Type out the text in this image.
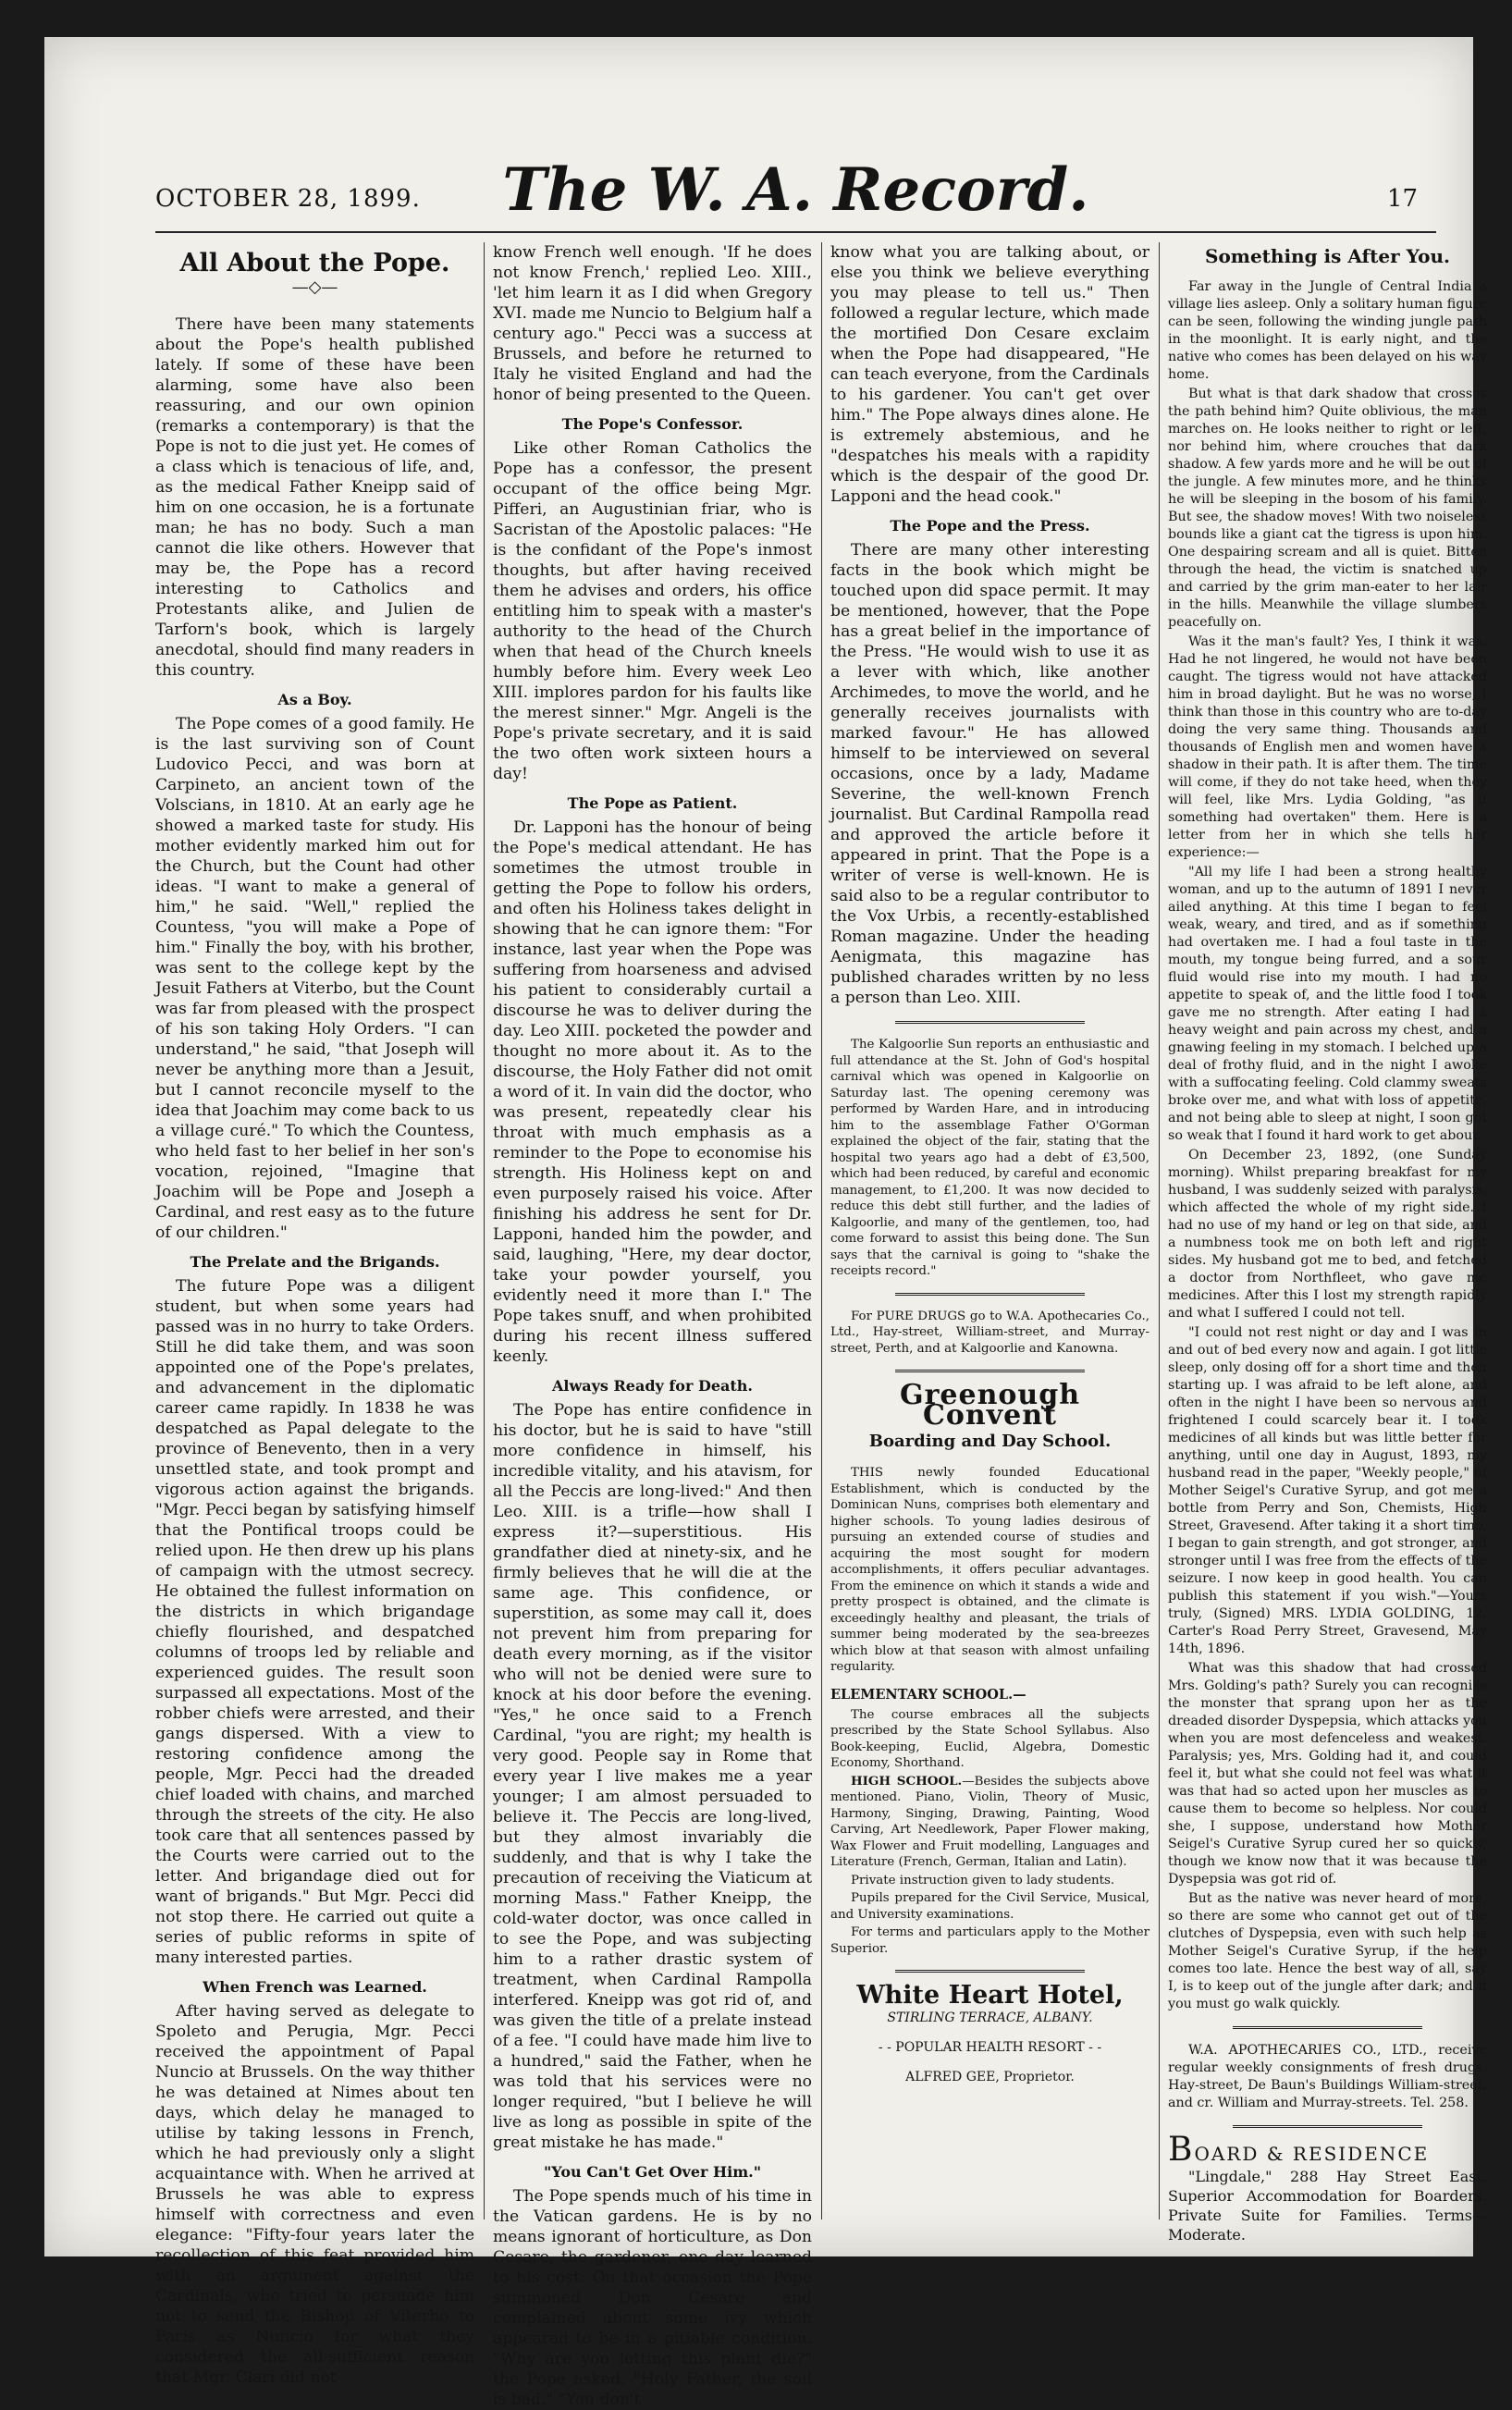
OCTOBER 28, 1899.	The W. A. Record.	17
All About the Pope.
—◇—

There have been many statements about the Pope's health published lately. If some of these have been alarming, some have also been reassuring, and our own opinion (remarks a contemporary) is that the Pope is not to die just yet. He comes of a class which is tenacious of life, and, as the medical Father Kneipp said of him on one occasion, he is a fortunate man; he has no body. Such a man cannot die like others. However that may be, the Pope has a record interesting to Catholics and Protestants alike, and Julien de Tarforn's book, which is largely anecdotal, should find many readers in this country.

As a Boy.

The Pope comes of a good family. He is the last surviving son of Count Ludovico Pecci, and was born at Carpineto, an ancient town of the Volscians, in 1810. At an early age he showed a marked taste for study. His mother evidently marked him out for the Church, but the Count had other ideas. "I want to make a general of him," he said. "Well," replied the Countess, "you will make a Pope of him." Finally the boy, with his brother, was sent to the college kept by the Jesuit Fathers at Viterbo, but the Count was far from pleased with the prospect of his son taking Holy Orders. "I can understand," he said, "that Joseph will never be anything more than a Jesuit, but I cannot reconcile myself to the idea that Joachim may come back to us a village curé." To which the Countess, who held fast to her belief in her son's vocation, rejoined, "Imagine that Joachim will be Pope and Joseph a Cardinal, and rest easy as to the future of our children."

The Prelate and the Brigands.

The future Pope was a diligent student, but when some years had passed was in no hurry to take Orders. Still he did take them, and was soon appointed one of the Pope's prelates, and advancement in the diplomatic career came rapidly. In 1838 he was despatched as Papal delegate to the province of Benevento, then in a very unsettled state, and took prompt and vigorous action against the brigands. "Mgr. Pecci began by satisfying himself that the Pontifical troops could be relied upon. He then drew up his plans of campaign with the utmost secrecy. He obtained the fullest information on the districts in which brigandage chiefly flourished, and despatched columns of troops led by reliable and experienced guides. The result soon surpassed all expectations. Most of the robber chiefs were arrested, and their gangs dispersed. With a view to restoring confidence among the people, Mgr. Pecci had the dreaded chief loaded with chains, and marched through the streets of the city. He also took care that all sentences passed by the Courts were carried out to the letter. And brigandage died out for want of brigands." But Mgr. Pecci did not stop there. He carried out quite a series of public reforms in spite of many interested parties.

When French was Learned.

After having served as delegate to Spoleto and Perugia, Mgr. Pecci received the appointment of Papal Nuncio at Brussels. On the way thither he was detained at Nimes about ten days, which delay he managed to utilise by taking lessons in French, which he had previously only a slight acquaintance with. When he arrived at Brussels he was able to express himself with correctness and even elegance: "Fifty-four years later the recollection of this feat provided him with an argument against the Cardinals, who tried to persuade him not to send the Bishop of Viterbo to Paris as Nuncio for what they considered the all-sufficient reason that Mgr. Clari did not

know French well enough. 'If he does not know French,' replied Leo. XIII., 'let him learn it as I did when Gregory XVI. made me Nuncio to Belgium half a century ago." Pecci was a success at Brussels, and before he returned to Italy he visited England and had the honor of being presented to the Queen.

The Pope's Confessor.

Like other Roman Catholics the Pope has a confessor, the present occupant of the office being Mgr. Pifferi, an Augustinian friar, who is Sacristan of the Apostolic palaces: "He is the confidant of the Pope's inmost thoughts, but after having received them he advises and orders, his office entitling him to speak with a master's authority to the head of the Church when that head of the Church kneels humbly before him. Every week Leo XIII. implores pardon for his faults like the merest sinner." Mgr. Angeli is the Pope's private secretary, and it is said the two often work sixteen hours a day!

The Pope as Patient.

Dr. Lapponi has the honour of being the Pope's medical attendant. He has sometimes the utmost trouble in getting the Pope to follow his orders, and often his Holiness takes delight in showing that he can ignore them: "For instance, last year when the Pope was suffering from hoarseness and advised his patient to considerably curtail a discourse he was to deliver during the day. Leo XIII. pocketed the powder and thought no more about it. As to the discourse, the Holy Father did not omit a word of it. In vain did the doctor, who was present, repeatedly clear his throat with much emphasis as a reminder to the Pope to economise his strength. His Holiness kept on and even purposely raised his voice. After finishing his address he sent for Dr. Lapponi, handed him the powder, and said, laughing, "Here, my dear doctor, take your powder yourself, you evidently need it more than I." The Pope takes snuff, and when prohibited during his recent illness suffered keenly.

Always Ready for Death.

The Pope has entire confidence in his doctor, but he is said to have "still more confidence in himself, his incredible vitality, and his atavism, for all the Peccis are long-lived:" And then Leo. XIII. is a trifle—how shall I express it?—superstitious. His grandfather died at ninety-six, and he firmly believes that he will die at the same age. This confidence, or superstition, as some may call it, does not prevent him from preparing for death every morning, as if the visitor who will not be denied were sure to knock at his door before the evening. "Yes," he once said to a French Cardinal, "you are right; my health is very good. People say in Rome that every year I live makes me a year younger; I am almost persuaded to believe it. The Peccis are long-lived, but they almost invariably die suddenly, and that is why I take the precaution of receiving the Viaticum at morning Mass." Father Kneipp, the cold-water doctor, was once called in to see the Pope, and was subjecting him to a rather drastic system of treatment, when Cardinal Rampolla interfered. Kneipp was got rid of, and was given the title of a prelate instead of a fee. "I could have made him live to a hundred," said the Father, when he was told that his services were no longer required, "but I believe he will live as long as possible in spite of the great mistake he has made."

"You Can't Get Over Him."

The Pope spends much of his time in the Vatican gardens. He is by no means ignorant of horticulture, as Don Cesare, the gardener, one day learned to his cost: On that occasion the Pope summoned Don Cesare and complained about some ivy which appeared to be in a pitiable condition. "Why are you letting this plant die?" the Pope asked. "Holy Father, the soil is bad." "You don't

know what you are talking about, or else you think we believe everything you may please to tell us." Then followed a regular lecture, which made the mortified Don Cesare exclaim when the Pope had disappeared, "He can teach everyone, from the Cardinals to his gardener. You can't get over him." The Pope always dines alone. He is extremely abstemious, and he "despatches his meals with a rapidity which is the despair of the good Dr. Lapponi and the head cook."

The Pope and the Press.

There are many other interesting facts in the book which might be touched upon did space permit. It may be mentioned, however, that the Pope has a great belief in the importance of the Press. "He would wish to use it as a lever with which, like another Archimedes, to move the world, and he generally receives journalists with marked favour." He has allowed himself to be interviewed on several occasions, once by a lady, Madame Severine, the well-known French journalist. But Cardinal Rampolla read and approved the article before it appeared in print. That the Pope is a writer of verse is well-known. He is said also to be a regular contributor to the Vox Urbis, a recently-established Roman magazine. Under the heading Aenigmata, this magazine has published charades written by no less a person than Leo. XIII.

The Kalgoorlie Sun reports an enthusiastic and full attendance at the St. John of God's hospital carnival which was opened in Kalgoorlie on Saturday last. The opening ceremony was performed by Warden Hare, and in introducing him to the assemblage Father O'Gorman explained the object of the fair, stating that the hospital two years ago had a debt of £3,500, which had been reduced, by careful and economic management, to £1,200. It was now decided to reduce this debt still further, and the ladies of Kalgoorlie, and many of the gentlemen, too, had come forward to assist this being done. The Sun says that the carnival is going to "shake the receipts record."

For PURE DRUGS go to W.A. Apothecaries Co., Ltd., Hay-street, William-street, and Murray-street, Perth, and at Kalgoorlie and Kanowna.

Greenough Convent
Boarding and Day School.

THIS newly founded Educational Establishment, which is conducted by the Dominican Nuns, comprises both elementary and higher schools. To young ladies desirous of pursuing an extended course of studies and acquiring the most sought for modern accomplishments, it offers peculiar advantages. From the eminence on which it stands a wide and pretty prospect is obtained, and the climate is exceedingly healthy and pleasant, the trials of summer being moderated by the sea-breezes which blow at that season with almost unfailing regularity.

ELEMENTARY SCHOOL.—

The course embraces all the subjects prescribed by the State School Syllabus. Also Book-keeping, Euclid, Algebra, Domestic Economy, Shorthand.

HIGH SCHOOL.—Besides the subjects above mentioned. Piano, Violin, Theory of Music, Harmony, Singing, Drawing, Painting, Wood Carving, Art Needlework, Paper Flower making, Wax Flower and Fruit modelling, Languages and Literature (French, German, Italian and Latin).

Private instruction given to lady students.

Pupils prepared for the Civil Service, Musical, and University examinations.

For terms and particulars apply to the Mother Superior.

White Heart Hotel,

STIRLING TERRACE, ALBANY.

- - POPULAR HEALTH RESORT - -

ALFRED GEE, Proprietor.

Something is After You.

Far away in the Jungle of Central India a village lies asleep. Only a solitary human figure can be seen, following the winding jungle path in the moonlight. It is early night, and the native who comes has been delayed on his way home.

But what is that dark shadow that crosses the path behind him? Quite oblivious, the man marches on. He looks neither to right or left, nor behind him, where crouches that dark shadow. A few yards more and he will be out of the jungle. A few minutes more, and he thinks he will be sleeping in the bosom of his family. But see, the shadow moves! With two noiseless bounds like a giant cat the tigress is upon him. One despairing scream and all is quiet. Bitten through the head, the victim is snatched up and carried by the grim man-eater to her lair in the hills. Meanwhile the village slumbers peacefully on.

Was it the man's fault? Yes, I think it was. Had he not lingered, he would not have been caught. The tigress would not have attacked him in broad daylight. But he was no worse, I think than those in this country who are to-day doing the very same thing. Thousands and thousands of English men and women have a shadow in their path. It is after them. The time will come, if they do not take heed, when they will feel, like Mrs. Lydia Golding, "as if something had overtaken" them. Here is a letter from her in which she tells her experience:—

"All my life I had been a strong healthy woman, and up to the autumn of 1891 I never ailed anything. At this time I began to feel weak, weary, and tired, and as if something had overtaken me. I had a foul taste in the mouth, my tongue being furred, and a sour fluid would rise into my mouth. I had no appetite to speak of, and the little food I took gave me no strength. After eating I had a heavy weight and pain across my chest, and a gnawing feeling in my stomach. I belched up a deal of frothy fluid, and in the night I awoke with a suffocating feeling. Cold clammy sweats broke over me, and what with loss of appetite, and not being able to sleep at night, I soon got so weak that I found it hard work to get about.

On December 23, 1892, (one Sunday morning). Whilst preparing breakfast for my husband, I was suddenly seized with paralysis, which affected the whole of my right side. I had no use of my hand or leg on that side, and a numbness took me on both left and right sides. My husband got me to bed, and fetched a doctor from Northfleet, who gave me medicines. After this I lost my strength rapidly and what I suffered I could not tell.

"I could not rest night or day and I was in and out of bed every now and again. I got little sleep, only dosing off for a short time and then starting up. I was afraid to be left alone, and often in the night I have been so nervous and frightened I could scarcely bear it. I took medicines of all kinds but was little better for anything, until one day in August, 1893, my husband read in the paper, "Weekly people," of Mother Seigel's Curative Syrup, and got me a bottle from Perry and Son, Chemists, High Street, Gravesend. After taking it a short time, I began to gain strength, and got stronger, and stronger until I was free from the effects of the seizure. I now keep in good health. You can publish this statement if you wish."—Yours truly, (Signed) MRS. LYDIA GOLDING, 12, Carter's Road Perry Street, Gravesend, May 14th, 1896.

What was this shadow that had crossed Mrs. Golding's path? Surely you can recognise the monster that sprang upon her as the dreaded disorder Dyspepsia, which attacks you when you are most defenceless and weakest. Paralysis; yes, Mrs. Golding had it, and could feel it, but what she could not feel was what it was that had so acted upon her muscles as to cause them to become so helpless. Nor could she, I suppose, understand how Mother Seigel's Curative Syrup cured her so quickly, though we know now that it was because the Dyspepsia was got rid of.

But as the native was never heard of more, so there are some who cannot get out of the clutches of Dyspepsia, even with such help as Mother Seigel's Curative Syrup, if the help comes too late. Hence the best way of all, say I, is to keep out of the jungle after dark; and if you must go walk quickly.

W.A. APOTHECARIES CO., LTD., receive regular weekly consignments of fresh drugs. Hay-street, De Baun's Buildings William-street, and cr. William and Murray-streets. Tel. 258.

BOARD & RESIDENCE

"Lingdale," 288 Hay Street East. Superior Accommodation for Boarders. Private Suite for Families. Terms—Moderate.
